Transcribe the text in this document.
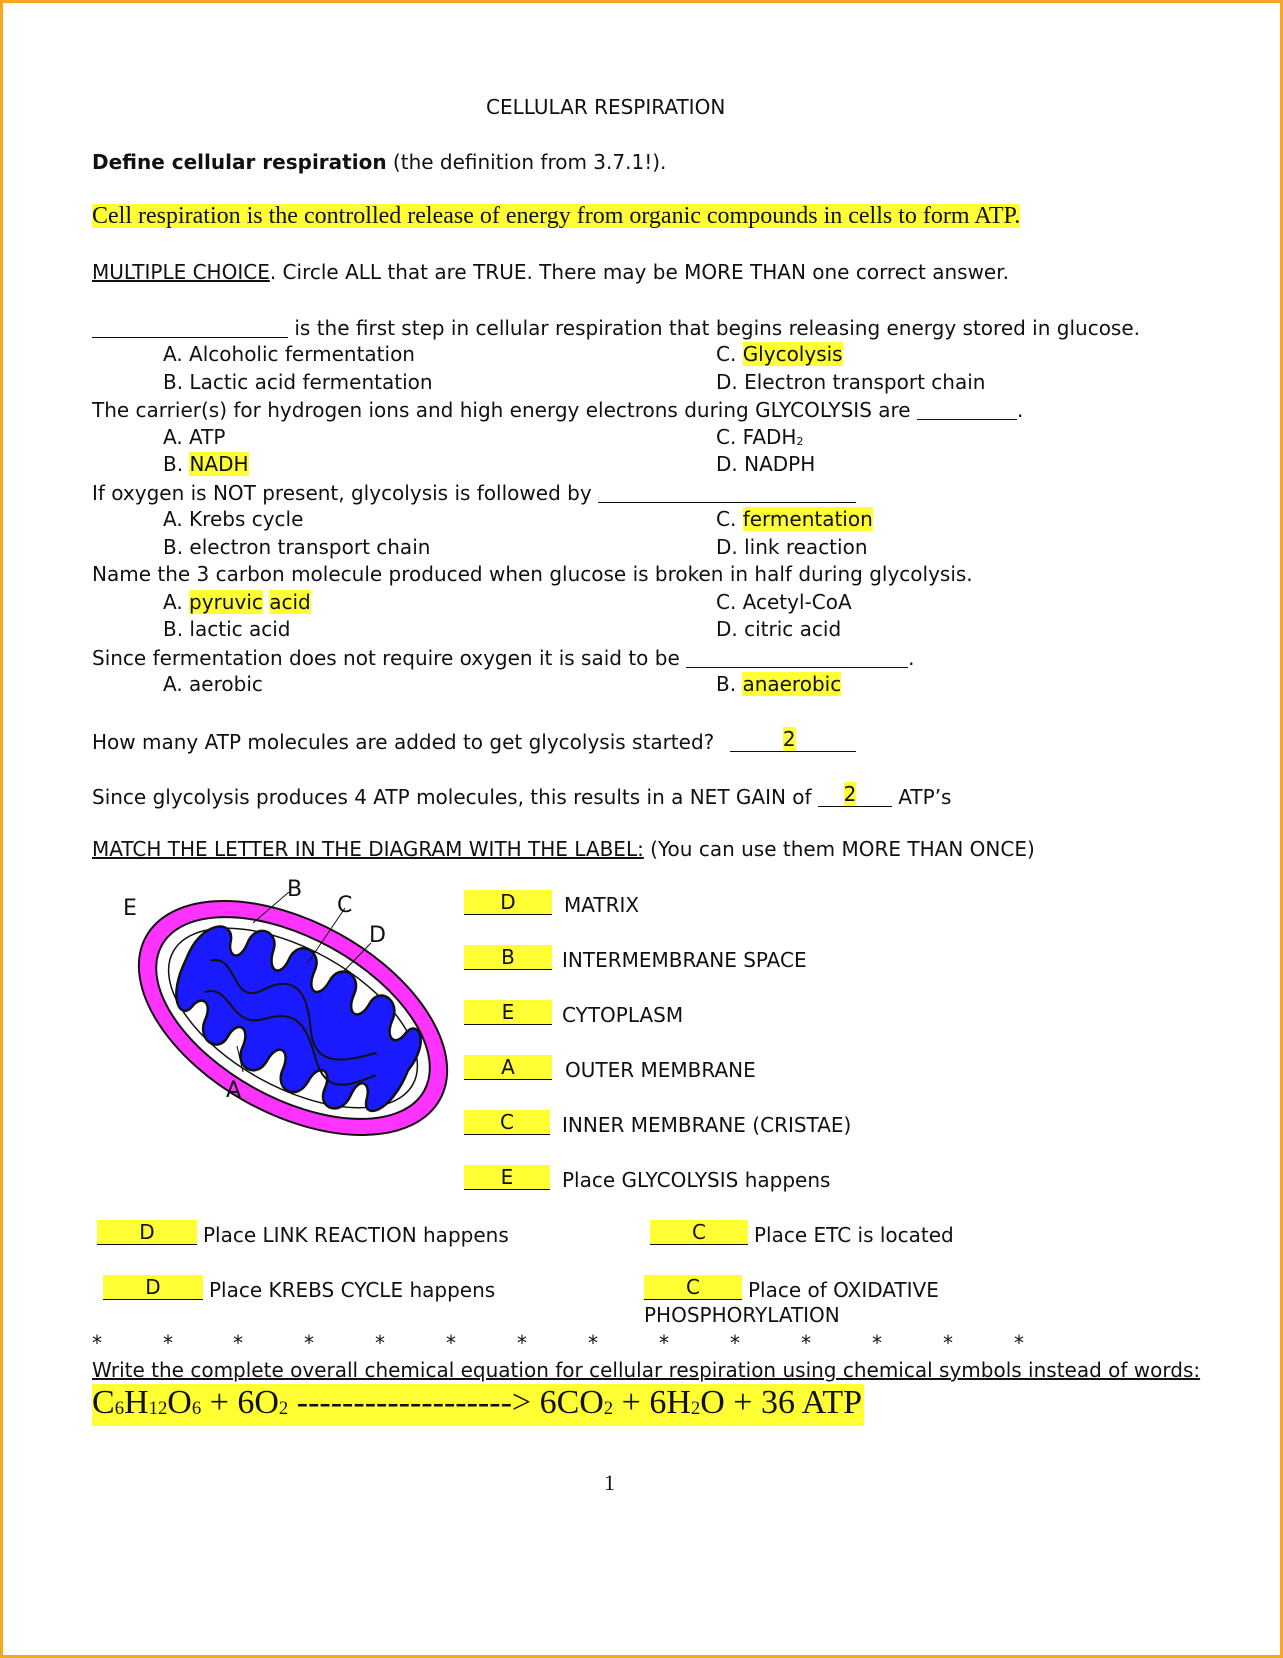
CELLULAR RESPIRATION
Define cellular respiration (the definition from 3.7.1!).
Cell respiration is the controlled release of energy from organic compounds in cells to form ATP.
MULTIPLE CHOICE. Circle ALL that are TRUE. There may be MORE THAN one correct answer.
is the first step in cellular respiration that begins releasing energy stored in glucose.
A. Alcoholic fermentation	C. Glycolysis
B. Lactic acid fermentation	D. Electron transport chain
The carrier(s) for hydrogen ions and high energy electrons during GLYCOLYSIS are	.
A. ATP	C. $FADH_2$
B. NADH	D. NADPH
If oxygen is NOT present, glycolysis is followed by
A. Krebs cycle	C. fermentation
B. electron transport chain	D. link reaction
Name the 3 carbon molecule produced when glucose is broken in half during glycolysis.
A. pyruvic acid	C. Acetyl-CoA
B. lactic acid	D. citric acid
Since fermentation does not require oxygen it is said to be	.
A. aerobic	B. anaerobic
How many ATP molecules are added to get glycolysis started?	2
Since glycolysis produces 4 ATP molecules, this results in a NET GAIN of 2 ATP’s
MATCH THE LETTER IN THE DIAGRAM WITH THE LABEL: (You can use them MORE THAN ONCE)
E
B
C
D
A
D MATRIX
B INTERMEMBRANE SPACE
E CYTOPLASM
A	OUTER MEMBRANE
C INNER MEMBRANE (CRISTAE)
E Place GLYCOLYSIS happens
D Place LINK REACTION happens	C Place ETC is located
D Place KREBS CYCLE happens	C Place of OXIDATIVE
PHOSPHORYLATION
*	*	*	*	*	*	*	*	*	*	*	*	*	*
Write the complete overall chemical equation for cellular respiration using chemical symbols instead of words:
$C_6H_{12}O_6 + 6O_2$ -------------------> $6CO_2 + 6H_2O + 36$ ATP
1
